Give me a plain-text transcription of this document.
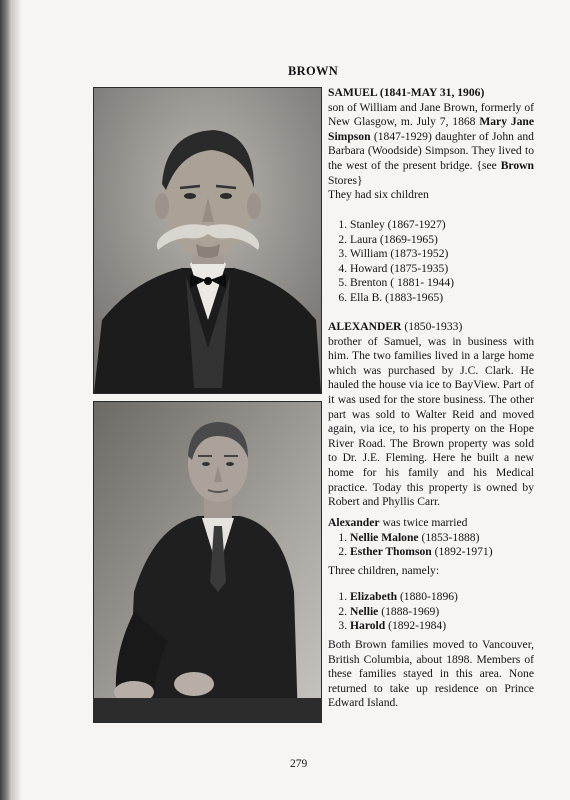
BROWN

SAMUEL (1841-MAY 31, 1906)

son of William and Jane Brown, formerly of New Glasgow, m. July 7, 1868 Mary Jane Simpson (1847-1929) daughter of John and Barbara (Woodside) Simpson. They lived to the west of the present bridge. {see Brown Stores}

They had six children

1. Stanley (1867-1927)
2. Laura (1869-1965)
3. William (1873-1952)
4. Howard (1875-1935)
5. Brenton ( 1881- 1944)
6. Ella B. (1883-1965)

ALEXANDER (1850-1933)

brother of Samuel, was in business with him. The two families lived in a large home which was purchased by J.C. Clark. He hauled the house via ice to BayView. Part of it was used for the store business. The other part was sold to Walter Reid and moved again, via ice, to his property on the Hope River Road. The Brown property was sold to Dr. J.E. Fleming. Here he built a new home for his family and his Medical practice. Today this property is owned by Robert and Phyllis Carr.

Alexander was twice married

1. Nellie Malone (1853-1888)
2. Esther Thomson (1892-1971)

Three children, namely:

1. Elizabeth (1880-1896)
2. Nellie (1888-1969)
3. Harold (1892-1984)

Both Brown families moved to Vancouver, British Columbia, about 1898. Members of these families stayed in this area. None returned to take up residence on Prince Edward Island.

279
